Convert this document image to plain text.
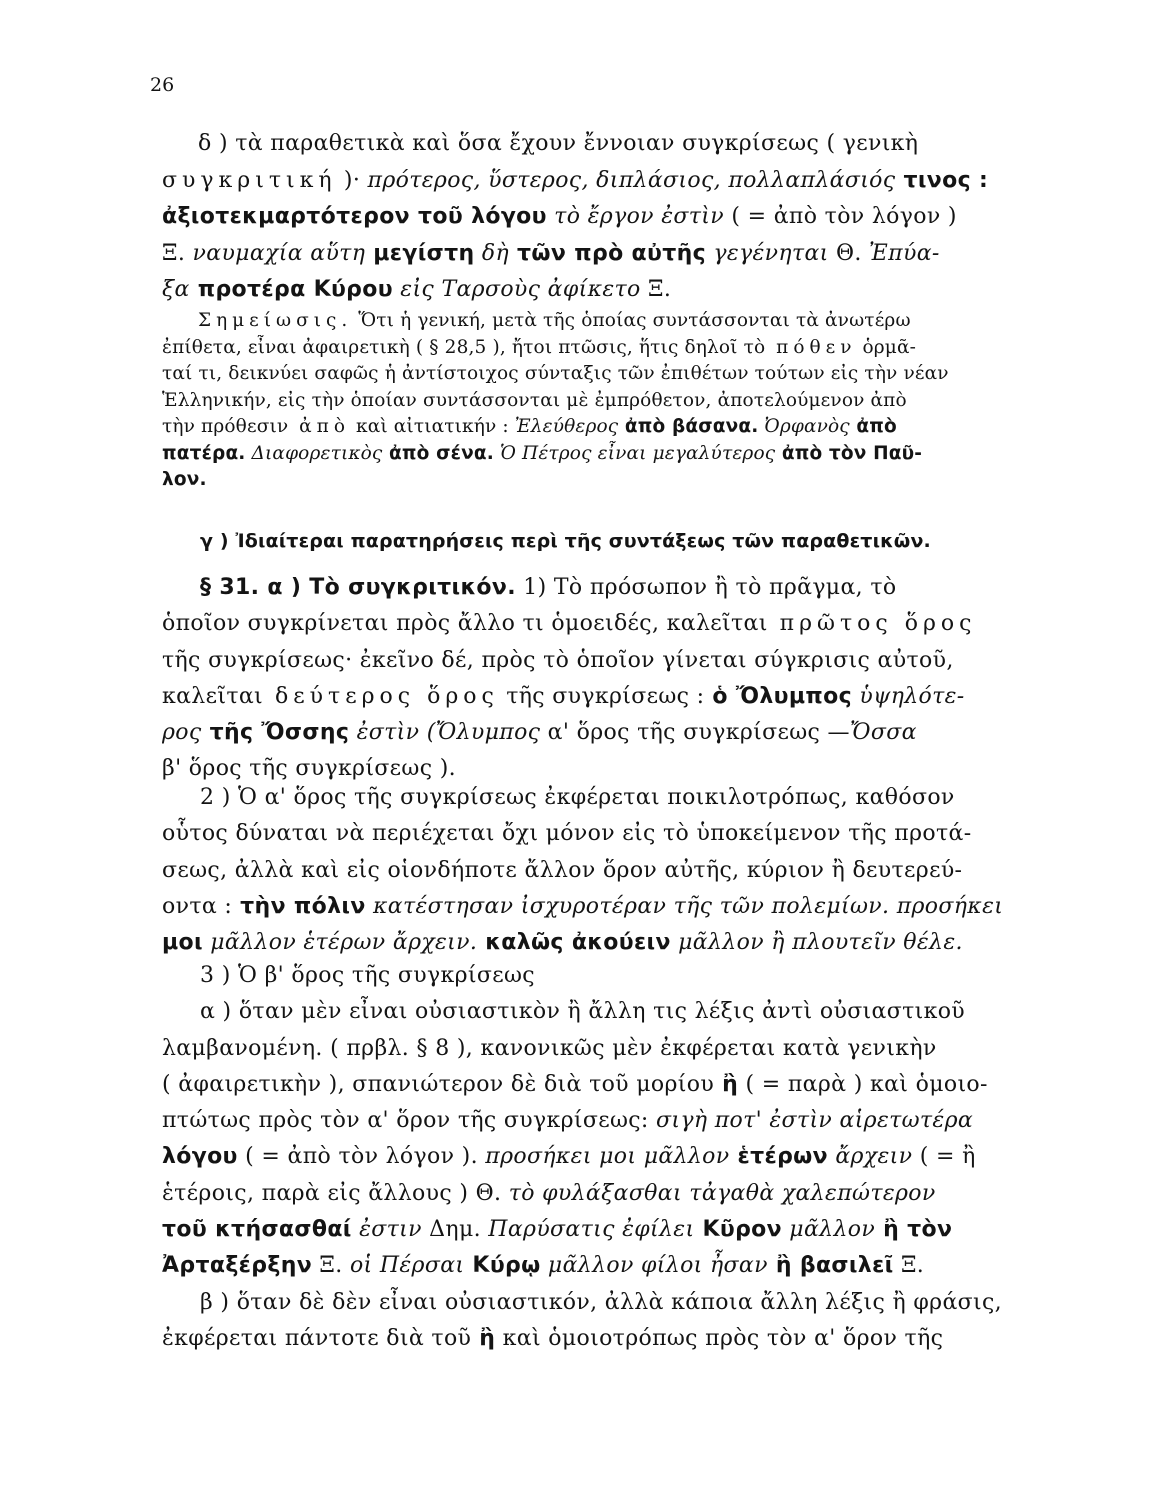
26
δ ) τὰ παραθετικὰ καὶ ὅσα ἔχουν ἔννοιαν συγκρίσεως ( γενικὴ
συγκριτική )· πρότερος, ὕστερος, διπλάσιος, πολλαπλάσιός τινος :
ἀξιοτεκμαρτότερον τοῦ λόγου τὸ ἔργον ἐστὶν ( = ἀπὸ τὸν λόγον )
Ξ. ναυμαχία αὕτη μεγίστη δὴ τῶν πρὸ αὐτῆς γεγένηται Θ. Ἐπύα-
ξα προτέρα Κύρου εἰς Ταρσοὺς ἀφίκετο Ξ.
Σημείωσις. Ὅτι ἡ γενική, μετὰ τῆς ὁποίας συντάσσονται τὰ ἀνωτέρω
ἐπίθετα, εἶναι ἀφαιρετικὴ ( § 28,5 ), ἤτοι πτῶσις, ἥτις δηλοῖ τὸ πόθεν ὁρμᾶ-
ταί τι, δεικνύει σαφῶς ἡ ἀντίστοιχος σύνταξις τῶν ἐπιθέτων τούτων εἰς τὴν νέαν
Ἑλληνικήν, εἰς τὴν ὁποίαν συντάσσονται μὲ ἐμπρόθετον, ἀποτελούμενον ἀπὸ
τὴν πρόθεσιν ἀπὸ καὶ αἰτιατικήν : Ἐλεύθερος ἀπὸ βάσανα. Ὀρφανὸς ἀπὸ
πατέρα. Διαφορετικὸς ἀπὸ σένα. Ὁ Πέτρος εἶναι μεγαλύτερος ἀπὸ τὸν Παῦ-
λον.
γ ) Ἰδιαίτεραι παρατηρήσεις περὶ τῆς συντάξεως τῶν παραθετικῶν.
§ 31. α ) Τὸ συγκριτικόν. 1) Τὸ πρόσωπον ἢ τὸ πρᾶγμα, τὸ
ὁποῖον συγκρίνεται πρὸς ἄλλο τι ὁμοειδές, καλεῖται πρῶτος ὅρος
τῆς συγκρίσεως· ἐκεῖνο δέ, πρὸς τὸ ὁποῖον γίνεται σύγκρισις αὐτοῦ,
καλεῖται δεύτερος ὅρος τῆς συγκρίσεως : ὁ Ὄλυμπος ὑψηλότε-
ρος τῆς Ὄσσης ἐστὶν (Ὄλυμπος α' ὅρος τῆς συγκρίσεως —Ὄσσα
β' ὅρος τῆς συγκρίσεως ).
2 ) Ὁ α' ὅρος τῆς συγκρίσεως ἐκφέρεται ποικιλοτρόπως, καθόσον
οὗτος δύναται νὰ περιέχεται ὄχι μόνον εἰς τὸ ὑποκείμενον τῆς προτά-
σεως, ἀλλὰ καὶ εἰς οἱονδήποτε ἄλλον ὅρον αὐτῆς, κύριον ἢ δευτερεύ-
οντα : τὴν πόλιν κατέστησαν ἰσχυροτέραν τῆς τῶν πολεμίων. προσήκει
μοι μᾶλλον ἑτέρων ἄρχειν. καλῶς ἀκούειν μᾶλλον ἢ πλουτεῖν θέλε.
3 ) Ὁ β' ὅρος τῆς συγκρίσεως
α ) ὅταν μὲν εἶναι οὐσιαστικὸν ἢ ἄλλη τις λέξις ἀντὶ οὐσιαστικοῦ
λαμβανομένη. ( πρβλ. § 8 ), κανονικῶς μὲν ἐκφέρεται κατὰ γενικὴν
( ἀφαιρετικὴν ), σπανιώτερον δὲ διὰ τοῦ μορίου ἢ ( = παρὰ ) καὶ ὁμοιο-
πτώτως πρὸς τὸν α' ὅρον τῆς συγκρίσεως: σιγὴ ποτ' ἐστὶν αἱρετωτέρα
λόγου ( = ἀπὸ τὸν λόγον ). προσήκει μοι μᾶλλον ἑτέρων ἄρχειν ( = ἢ
ἑτέροις, παρὰ εἰς ἄλλους ) Θ. τὸ φυλάξασθαι τἀγαθὰ χαλεπώτερον
τοῦ κτήσασθαί ἐστιν Δημ. Παρύσατις ἐφίλει Κῦρον μᾶλλον ἢ τὸν
Ἀρταξέρξην Ξ. οἱ Πέρσαι Κύρῳ μᾶλλον φίλοι ἦσαν ἢ βασιλεῖ Ξ.
β ) ὅταν δὲ δὲν εἶναι οὐσιαστικόν, ἀλλὰ κάποια ἄλλη λέξις ἢ φράσις,
ἐκφέρεται πάντοτε διὰ τοῦ ἢ καὶ ὁμοιοτρόπως πρὸς τὸν α' ὅρον τῆς
